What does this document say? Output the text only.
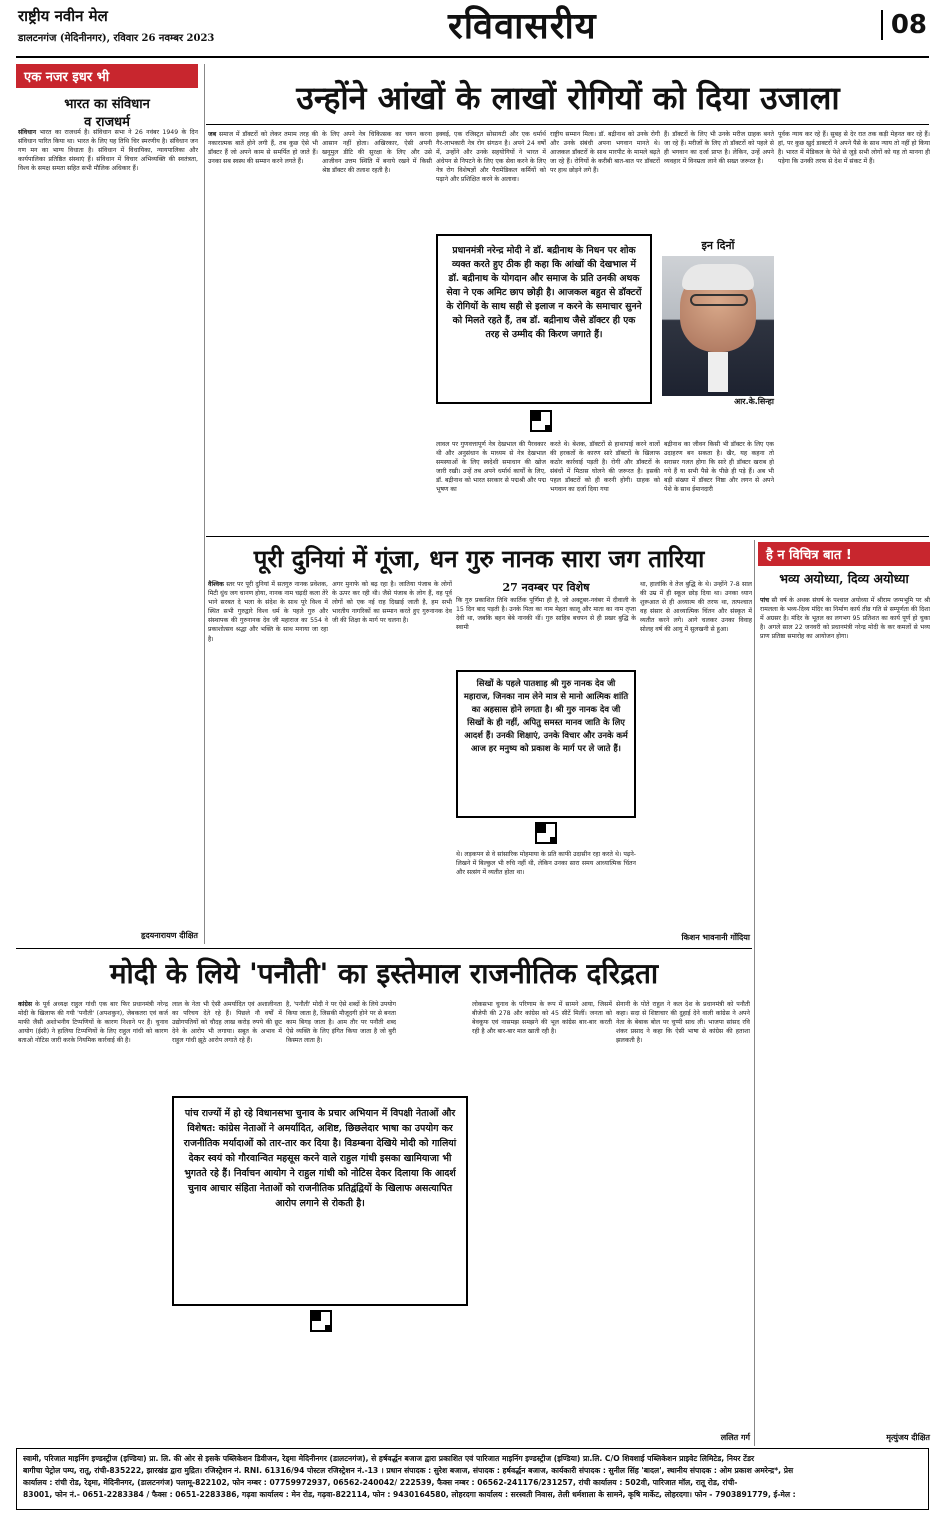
राष्ट्रीय नवीन मेल
डालटनगंज (मेदिनीनगर), रविवार 26 नवम्बर 2023	रविवासरीय	08
एक नजर इधर भी
भारत का संविधान
व राजधर्म
संविधान भारत का राजधर्म है। संविधान सभा ने 26 नवंबर 1949 के दिन संविधान पारित किया था। भारत के लिए यह तिथि चिर स्मरणीय है। संविधान जन गण मन का भाग्य विधाता है। संविधान में विधायिका, न्यायपालिका और कार्यपालिका प्रतिष्ठित संस्थाएं हैं। संविधान में विचार अभिव्यक्ति की स्वतंत्रता, विश्व के समक्ष समता सहित सभी मौलिक अधिकार हैं।
हृदयनारायण दीक्षित
उन्होंने आंखों के लाखों रोगियों को दिया उजाला
जब समाज में डॉक्टरों को लेकर तमाम तरह की नकारात्मक बातें होने लगी हैं, तब कुछ ऐसे भी डॉक्टर हैं जो अपने काम से समर्पित हो जाते हैं। उनका सब स्वस्थ की सम्मान करने लगते हैं।
के लिए अपने नेत्र चिकित्सक का चयन करना आसान नहीं होता। अखिरकार, ऐसी अपनी खनूमुल डीटि की सुरक्षा के लिए और उसे आजीवन उत्तम स्थिति में बनाये रखने में किसी श्रेष्ठ डॉक्टर की तलाश रहती है।
इक्वई, एक रजिस्ट्रत सोसायटी और एक धर्मार्थ गैर-लाभकारी नेत्र रोग संगठन है। अपने 24 वर्षों में, उन्होंने और उनके सहयोगियों ने भारत में अंधेपन से निपटने के लिए एक सेवा करने के लिए नेत्र रोग विशेषज्ञों और पैरामेडिकल कर्मियों को पढ़ाने और प्रशिक्षित करने के अलावा।
राष्ट्रीय सम्मान मिला। डॉ. बद्रीनाथ को उनके रोगी और उनके संबंधी अपना भगवान मानते थे। आजकल डॉक्टरों के साथ मारपीट के मामले बढ़ते जा रहे हैं। रोगियों के करीबी बात-बात पर डॉक्टरों पर हाथ छोड़ने लगे हैं।
हैं। डॉक्टरों के लिए भी उनके मरीज ग्राहक बनते जा रहे हैं। मरीजों के लिए तो डॉक्टरों को पहले से ही भगवान का दर्जा प्राप्त है। लेकिन, उन्हें अपने व्यवहार में विनम्रता लाने की सख्त जरूरत है।
पूर्वक न्याय कर रहे हैं। सुबह से देर रात तक कड़ी मेहनत कर रहे हैं। हां, पर कुछ खुर्द डाक्टरों ने अपने पैसे के साथ न्याय तो नहीं हो किया है। भारत में मेडिकल के पेशे से जुड़े सभी लोगों को यह तो मानना ही पड़ेगा कि उनकी तरफ से देश में संकट में हैं।
प्रधानमंत्री नरेन्द्र मोदी ने डॉ. बद्रीनाथ के निधन पर शोक व्यक्त करते हुए ठीक ही कहा कि आंखों की देखभाल में डॉ. बद्रीनाथ के योगदान और समाज के प्रति उनकी अथक सेवा ने एक अमिट छाप छोड़ी है। आजकल बहुत से डॉक्टरों के रोगियों के साथ सही से इलाज न करने के समाचार सुनने को मिलते रहते हैं, तब डॉ. बद्रीनाथ जैसे डॉक्टर ही एक तरह से उम्मीद की किरण जगाते हैं।
इन दिनों
आर.के.सिन्हा
लावल पर गुणवत्तापूर्ण नेत्र देखभाल की पैरवकार थी और अनुसंधान के माध्यम से नेत्र देखभाल समस्याओं के लिए स्वदेशी समाधान की खोज जारी रखी। उन्हें तब अपने धर्मार्थ कार्यों के लिए, डॉ. बद्रीनाथ को भारत सरकार से पद्मश्री और पद्म भूषण का
करते थे। बेशक, डॉक्टरों से हाथापाई करने वालों की हरकतों के कारण सारे डॉक्टरों के खिलाफ कठोर कार्रवाई पड़ती है। रोगी और डॉक्टरों के संबंधों में मिठास घोलने की जरूरत है। इसकी पहल डॉक्टरों को ही करनी होगी। ग्राहक को भगवान का दर्जा दिया गया
बद्रीनाथ का जीवन किसी भी डॉक्टर के लिए एक उदाहरण बन सकता है। खैर, यह कहना तो सरासर गलत होगा कि सारे ही डॉक्टर खराब हो गये हैं या सभी पैसे के पीछे ही पड़े हैं। अब भी बड़ी संख्या में डॉक्टर निष्ठा और लगन से अपने पेशे के साथ ईमानदारी
पूरी दुनियां में गूंजा, धन गुरु नानक सारा जग तारिया
वैश्विक स्तर पर पूरी दुनियां में सतगुरु नानक प्रवेशक, मिटी धुंध जग चानण होया, नानक नाम चढ़दी कला तेरे भाने सरबत दे भला के संदेश के साथ पूरे विश्व में स्थित सभी गुरुद्वारे विश्व धर्म के पहले गुरु और संस्थापक की गुरुनानक देव जी महाराज का 554 वे प्रकाशोत्सव श्रद्धा और भक्ति के साथ मनाया जा रहा है।
अगर मुनाफे को बढ़ रहा है। जातिया पंजाब के लोगों के ऊपर कर रही थी। जैसे पंजाब के लोग हैं, वह पूर्व लोगों को एक नई राह दिखाई जाती है, हम सभी भारतीय नागरिकों का सम्मान करते हुए गुरुनानक देव जी की शिक्षा के मार्ग पर चलना है।
27 नवम्बर पर विशेष
कि गुरु प्रकाशित तिथि कार्तिक पूर्णिमा ही है, जो अक्टूबर-नवंबर में दीवाली के 15 दिन बाद पड़ती है। उनके पिता का नाम मेहता कालू और माता का नाम तृप्ता देवी था, जबकि बहन बेबे नानकी थीं। गुरु साहिब बचपन से ही प्रखर बुद्धि के स्वामी
सिखों के पहले पातशाह श्री गुरु नानक देव जी महाराज, जिनका नाम लेने मात्र से मानो आत्मिक शांति का अहसास होने लगता है। श्री गुरु नानक देव जी सिखों के ही नहीं, अपितु समस्त मानव जाति के लिए आदर्श हैं। उनकी शिक्षाएं, उनके विचार और उनके कर्म आज हर मनुष्य को प्रकाश के मार्ग पर ले जाते हैं।
थे। लड़कपन से वे सांसारिक मोहमाया के प्रति काफी उदासीन रहा करते थे। पढ़ने-लिखने में बिल्कुल भी रुचि नहीं थी, लेकिन उनका सारा समय आध्यात्मिक चिंतन और सत्संग में व्यतीत होता था।
था, हालांकि वे तेज बुद्धि के थे। उन्होंने 7-8 साल की उम्र में ही स्कूल छोड़ दिया था। उनका ध्यान शुरूआत से ही अध्यात्म की तरफ था, तत्पश्चात वह संसार से आध्यात्मिक चिंतन और संस्कृत में व्यतीत करने लगे। आगे चलकर उनका विवाह सोलह वर्ष की आयु में सुलखनी से हुआ।
किशन भावनानी गोंदिया
है न विचित्र बात !
भव्य अयोध्या, दिव्य अयोध्या
पांच सौ वर्ष के अथक संघर्ष के पश्चात अयोध्या में श्रीराम जन्मभूमि पर श्री रामलला के भव्य-दिव्य मंदिर का निर्माण कार्य तीव्र गति से सम्पूर्णता की दिशा में अग्रसर है। मंदिर के भूतल का लगभग 95 प्रतिशत का कार्य पूर्ण हो चुका है। अगले साल 22 जनवरी को प्रधानमंत्री नरेन्द्र मोदी के कर कमलों से भव्य प्राण प्रतिष्ठा समारोह का आयोजन होगा।
मृत्युंजय दीक्षित
मोदी के लिये 'पनौती' का इस्तेमाल राजनीतिक दरिद्रता
कांग्रेस के पूर्व अध्यक्ष राहुल गांधी एक बार फिर प्रधानमंत्री नरेन्द्र मोदी के खिलाफ की गयी 'पनौती' (अपशकुन), जेबकतरा एवं कर्ज माफी जैसी अशोभनीय टिप्पणियों के कारण निशाने पर हैं। चुनाव आयोग (ईसी) ने हालिया टिप्पणियों के लिए राहुल गांधी को कारण बताओ नोटिस जारी करके नियमिक कार्रवाई की है।
लाल के नेता भी ऐसी अमर्यादित एवं अशालीनता का परिचय देते रहे हैं। पिछले नौ वर्षों में उद्योगपतियों को चौदह लाख करोड़ रुपये की छूट देने के आरोप भी लगाया। सबूत के अभाव में राहुल गांधी झूठे आरोप लगाते रहे हैं।
है, 'पनौती' मोदी ने पर ऐसे शब्दों के लिये उपयोग किया जाता है, जिसकी मौजूदगी होने पर से बनता काम बिगड़ जाता है। आम तौर पर पनौती शब्द ऐसे व्यक्ति के लिए इंगित किया जाता है जो बुरी किस्मत लाता है।
पांच राज्यों में हो रहे विधानसभा चुनाव के प्रचार अभियान में विपक्षी नेताओं और विशेषत: कांग्रेस नेताओं ने अमर्यादित, अशिष्ट, छिछलेदार भाषा का उपयोग कर राजनीतिक मर्यादाओं को तार-तार कर दिया है। विडम्बना देखिये मोदी को गालियां देकर स्वयं को गौरवान्वित महसूस करने वाले राहुल गांधी इसका खामियाजा भी भुगतते रहे हैं। निर्वाचन आयोग ने राहुल गांधी को नोटिस देकर दिलाया कि आदर्श चुनाव आचार संहिता नेताओं को राजनीतिक प्रतिद्वंद्वियों के खिलाफ असत्यापित आरोप लगाने से रोकती है।
लोकसभा चुनाव के परिणाम के रूप में सामने आया, जिसमें बीजेपी की 278 और कांग्रेस को 45 सीटें मिलीं। जनता को बेवकूफ एवं नासमझ समझने की भूल कांग्रेस बार-बार करती रही है और बार-बार मात खाती रही है।
सेनानी के पोते राहुल ने कल देश के प्रधानमंत्री को पनौती कहा। सदा से शिष्टाचार की दुहाई देने वाली कांग्रेस ने अपने नेता के बेबाक बोल पर चुप्पी साध ली। भाजपा सांसद रवि शंकर प्रसाद ने कहा कि ऐसी भाषा से कांग्रेस की हताशा झलकती है।
ललित गर्ग
स्वामी, परिजात माइनिंग इण्डस्ट्रीज (इण्डिया) प्रा. लि. की ओर से इसके पब्लिकेशन डिवीजन, रेड्मा मेदिनीनगर (डालटनगंज), से हर्षवर्द्धन बजाज द्वारा प्रकाशित एवं पारिजात माइनिंग इण्डस्ट्रीज (इण्डिया) प्रा.लि. C/O शिवशाई पब्लिकेशन प्राइवेट लिमिटेड, नियर टेंडर
बागीचा पेट्रोल पम्प, रातू, रांची-835222, झारखंड द्वारा मुद्रित। रजिस्ट्रेशन नं. RNI. 61316/94 पोस्टल रजिस्ट्रेशन नं.-13 । प्रधान संपादक : सुरेश बजाज, संपादक : हर्षवर्द्धन बजाज, कार्यकारी संपादक : सुनील सिंह 'बादल', स्थानीय संपादक : ओम प्रकाश अमरेन्द्र*, प्रेस
कार्यालय : रांची रोड, रेड्मा, मेदिनीनगर, (डालटनगंज) पलामू-822102, फोन नम्बर : 07759972937, 06562-240042/ 222539, फैक्स नम्बर : 06562-241176/231257, रांची कार्यालय : 502वी, पारिजात मॉल, रातू रोड, रांची-
83001, फोन नं.- 0651-2283384 / फैक्स : 0651-2283386, गढ़वा कार्यालय : मेन रोड, गढ़वा-822114, फोन : 9430164580, लोहरदगा कार्यालय : सरस्वती निवास, तेली धर्मशाला के सामने, कृषि मार्केट, लोहरदगा। फोन - 7903891779, ई-मेल :
